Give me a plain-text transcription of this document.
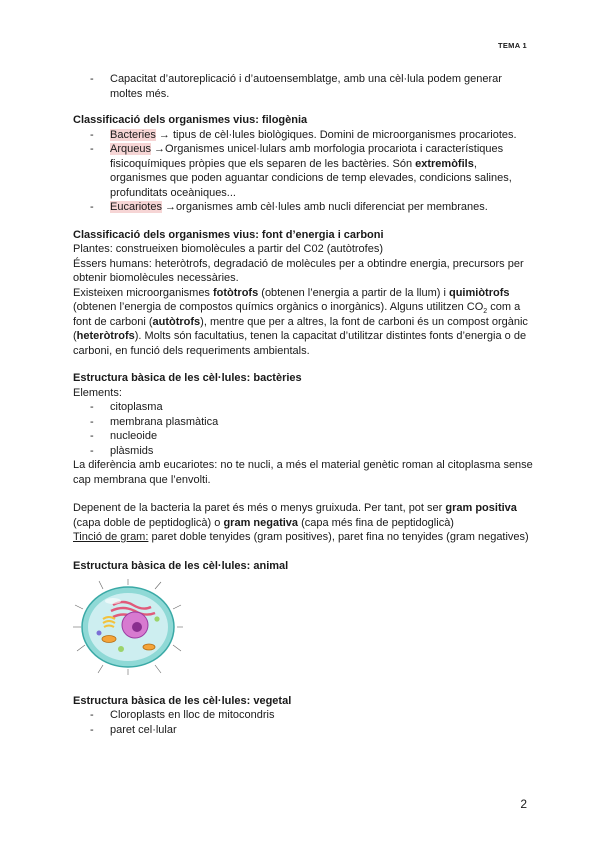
TEMA 1
- Capacitat d’autoreplicació i d’autoensemblatge, amb una cèl·lula podem generar moltes més.
Classificació dels organismes vius: filogènia
- Bacteries → tipus de cèl·lules biològiques. Domini de microorganismes procariotes.
- Arqueus →Organismes unicel·lulars amb morfologia procariota i característiques fisicoquímiques pròpies que els separen de les bactèries. Són extremòfils, organismes que poden aguantar condicions de temp elevades, condicions salines, profunditats oceàniques...
- Eucariotes →organismes amb cèl·lules amb nucli diferenciat per membranes.
Classificació dels organismes vius: font d’energia i carboni
Plantes: construeixen biomolècules a partir del C02 (autòtrofes)
Éssers humans: heteròtrofs, degradació de molècules per a obtindre energia, precursors per obtenir biomolècules necessàries.
Existeixen microorganismes fotòtrofs (obtenen l’energia a partir de la llum) i quimiòtrofs (obtenen l’energia de compostos químics orgànics o inorgànics). Alguns utilitzen $CO_2$ com a font de carboni (autòtrofs), mentre que per a altres, la font de carboni és un compost orgànic (heteròtrofs). Molts són facultatius, tenen la capacitat d’utilitzar distintes fonts d’energia o de carboni, en funció dels requeriments ambientals.
Estructura bàsica de les cèl·lules: bactèries
Elements:
- citoplasma
- membrana plasmàtica
- nucleoide
- plàsmids
La diferència amb eucariotes: no te nucli, a més el material genètic roman al citoplasma sense cap membrana que l’envolti.
Depenent de la bacteria la paret és més o menys gruixuda. Per tant, pot ser gram positiva (capa doble de peptidoglicà) o gram negativa (capa més fina de peptidoglicà)
Tinció de gram: paret doble tenyides (gram positives), paret fina no tenyides (gram negatives)
Estructura bàsica de les cèl·lules: animal
Estructura bàsica de les cèl·lules: vegetal
- Cloroplasts en lloc de mitocondris
- paret cel·lular
2
